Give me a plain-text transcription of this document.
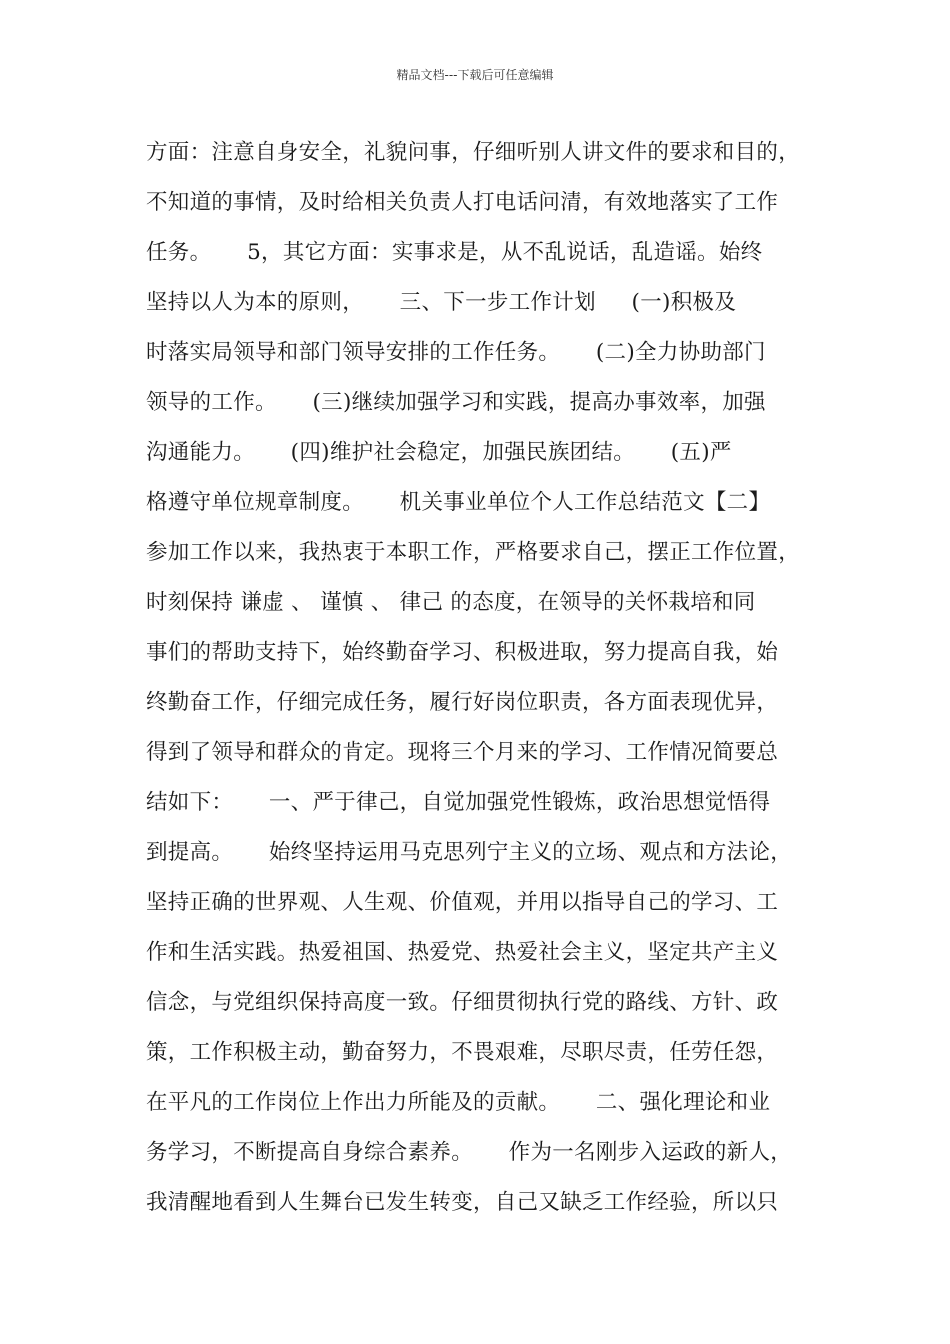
精品文档---下载后可任意编辑
方面：注意自身安全，礼貌问事，仔细听别人讲文件的要求和目的，
不知道的事情，及时给相关负责人打电话问清，有效地落实了工作
任务。     5，其它方面：实事求是，从不乱说话，乱造谣。始终
坚持以人为本的原则，     三、下一步工作计划     (一)积极及
时落实局领导和部门领导安排的工作任务。     (二)全力协助部门
领导的工作。     (三)继续加强学习和实践，提高办事效率，加强
沟通能力。     (四)维护社会稳定，加强民族团结。     (五)严
格遵守单位规章制度。     机关事业单位个人工作总结范文【二】
参加工作以来，我热衷于本职工作，严格要求自己，摆正工作位置，
时刻保持 谦虚 、 谨慎 、 律己 的态度，在领导的关怀栽培和同
事们的帮助支持下，始终勤奋学习、积极进取，努力提高自我，始
终勤奋工作，仔细完成任务，履行好岗位职责，各方面表现优异，
得到了领导和群众的肯定。现将三个月来的学习、工作情况简要总
结如下：     一、严于律己，自觉加强党性锻炼，政治思想觉悟得
到提高。     始终坚持运用马克思列宁主义的立场、观点和方法论，
坚持正确的世界观、人生观、价值观，并用以指导自己的学习、工
作和生活实践。热爱祖国、热爱党、热爱社会主义，坚定共产主义
信念，与党组织保持高度一致。仔细贯彻执行党的路线、方针、政
策，工作积极主动，勤奋努力，不畏艰难，尽职尽责，任劳任怨，
在平凡的工作岗位上作出力所能及的贡献。     二、强化理论和业
务学习，不断提高自身综合素养。     作为一名刚步入运政的新人，
我清醒地看到人生舞台已发生转变，自己又缺乏工作经验，所以只
